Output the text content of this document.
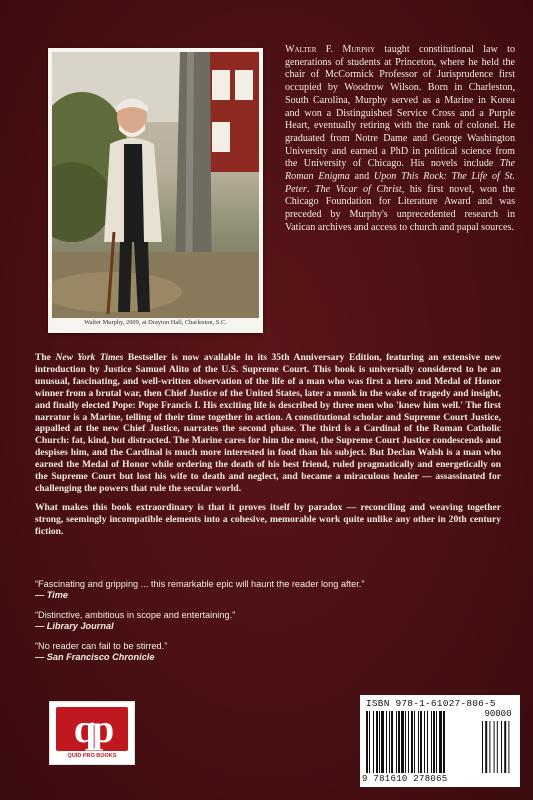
Walter Murphy, 2009, at Drayton Hall, Charleston, S.C.
Walter F. Murphy taught constitutional law to generations of students at Princeton, where he held the chair of McCormick Professor of Jurisprudence first occupied by Woodrow Wilson. Born in Charleston, South Carolina, Murphy served as a Marine in Korea and won a Distinguished Service Cross and a Purple Heart, eventually retiring with the rank of colonel. He graduated from Notre Dame and George Washington University and earned a PhD in political science from the University of Chicago. His novels include The Roman Enigma and Upon This Rock: The Life of St. Peter. The Vicar of Christ, his first novel, won the Chicago Foundation for Literature Award and was preceded by Murphy's unprecedented research in Vatican archives and access to church and papal sources.

The New York Times Bestseller is now available in its 35th Anniversary Edition, featuring an extensive new introduction by Justice Samuel Alito of the U.S. Supreme Court. This book is universally considered to be an unusual, fascinating, and well-written observation of the life of a man who was first a hero and Medal of Honor winner from a brutal war, then Chief Justice of the United States, later a monk in the wake of tragedy and insight, and finally elected Pope: Pope Francis I. His exciting life is described by three men who 'knew him well.' The first narrator is a Marine, telling of their time together in action. A constitutional scholar and Supreme Court Justice, appalled at the new Chief Justice, narrates the second phase. The third is a Cardinal of the Roman Catholic Church: fat, kind, but distracted. The Marine cares for him the most, the Supreme Court Justice condescends and despises him, and the Cardinal is much more interested in food than his subject. But Declan Walsh is a man who earned the Medal of Honor while ordering the death of his best friend, ruled pragmatically and energetically on the Supreme Court but lost his wife to death and neglect, and became a miraculous healer — assassinated for challenging the powers that rule the secular world.

What makes this book extraordinary is that it proves itself by paradox — reconciling and weaving together strong, seemingly incompatible elements into a cohesive, memorable work quite unlike any other in 20th century fiction.

“Fascinating and gripping ... this remarkable epic will haunt the reader long after.”
— Time
“Distinctive, ambitious in scope and entertaining.”
— Library Journal
“No reader can fail to be stirred.”
— San Francisco Chronicle
qp
QUID PRO BOOKS
ISBN 978-1-61027-806-5
90000
9 781610 278065
